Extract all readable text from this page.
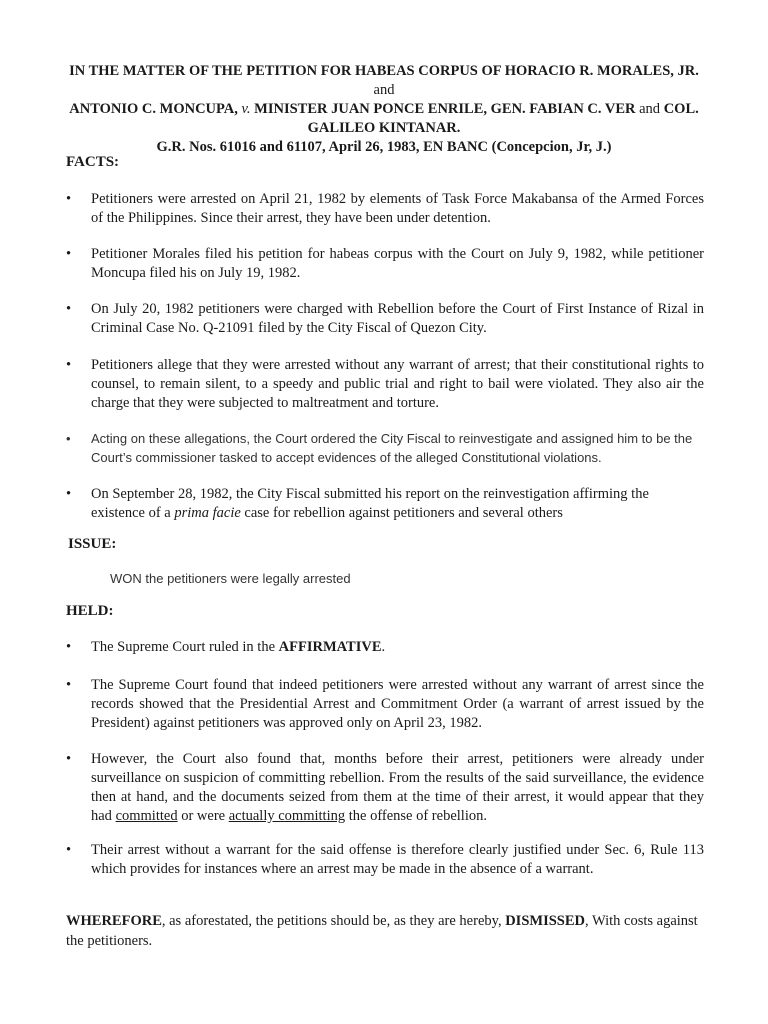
IN THE MATTER OF THE PETITION FOR HABEAS CORPUS OF HORACIO R. MORALES, JR. and
ANTONIO C. MONCUPA, v. MINISTER JUAN PONCE ENRILE, GEN. FABIAN C. VER and COL.
GALILEO KINTANAR.
G.R. Nos. 61016 and 61107, April 26, 1983, EN BANC (Concepcion, Jr, J.)
FACTS:
• Petitioners were arrested on April 21, 1982 by elements of Task Force Makabansa of the Armed Forces of the Philippines. Since their arrest, they have been under detention.
• Petitioner Morales filed his petition for habeas corpus with the Court on July 9, 1982, while petitioner Moncupa filed his on July 19, 1982.
• On July 20, 1982 petitioners were charged with Rebellion before the Court of First Instance of Rizal in Criminal Case No. Q-21091 filed by the City Fiscal of Quezon City.
• Petitioners allege that they were arrested without any warrant of arrest; that their constitutional rights to counsel, to remain silent, to a speedy and public trial and right to bail were violated. They also air the charge that they were subjected to maltreatment and torture.
• Acting on these allegations, the Court ordered the City Fiscal to reinvestigate and assigned him to be the Court’s commissioner tasked to accept evidences of the alleged Constitutional violations.
• On September 28, 1982, the City Fiscal submitted his report on the reinvestigation affirming the existence of a prima facie case for rebellion against petitioners and several others
ISSUE:
WON the petitioners were legally arrested
HELD:
• The Supreme Court ruled in the AFFIRMATIVE.
• The Supreme Court found that indeed petitioners were arrested without any warrant of arrest since the records showed that the Presidential Arrest and Commitment Order (a warrant of arrest issued by the President) against petitioners was approved only on April 23, 1982.
• However, the Court also found that, months before their arrest, petitioners were already under surveillance on suspicion of committing rebellion. From the results of the said surveillance, the evidence then at hand, and the documents seized from them at the time of their arrest, it would appear that they had committed or were actually committing the offense of rebellion.
• Their arrest without a warrant for the said offense is therefore clearly justified under Sec. 6, Rule 113 which provides for instances where an arrest may be made in the absence of a warrant.
WHEREFORE, as aforestated, the petitions should be, as they are hereby, DISMISSED, With costs against the petitioners.
